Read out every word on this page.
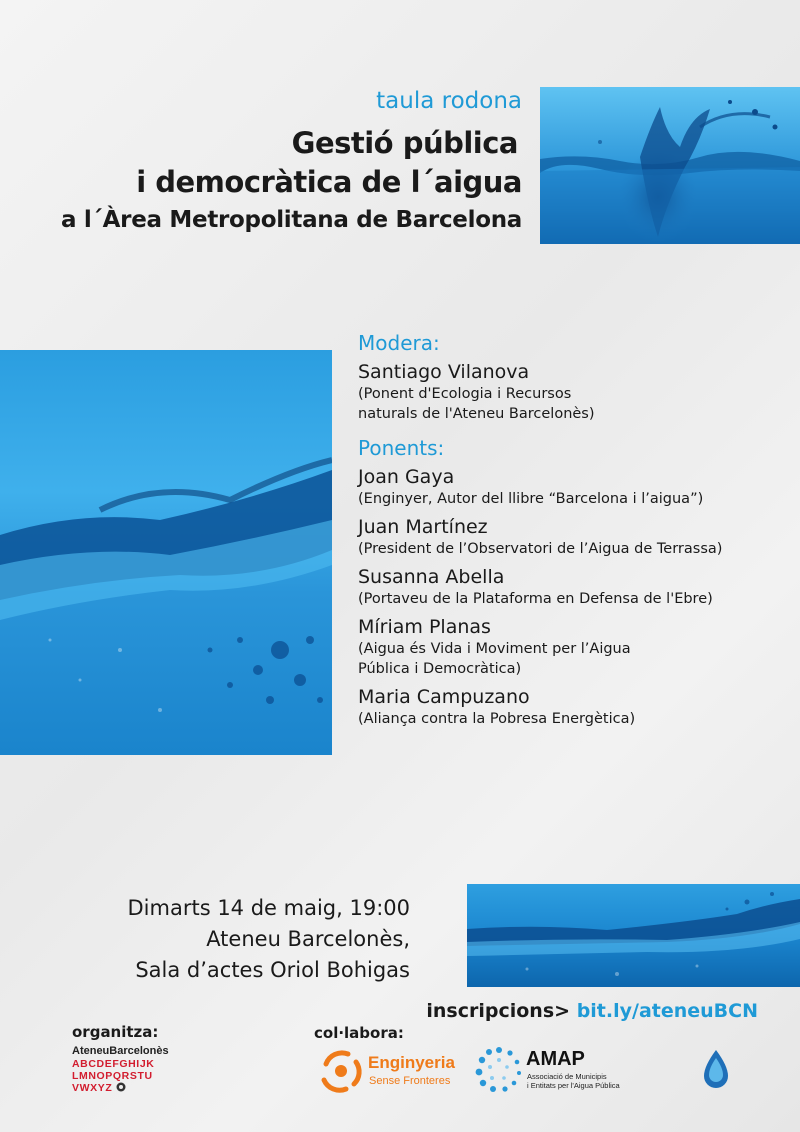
taula rodona
Gestió pública
i democràtica de l´aigua
a l´Àrea Metropolitana de Barcelona
Modera:
Santiago Vilanova
(Ponent d'Ecologia i Recursos
naturals de l'Ateneu Barcelonès)
Ponents:
Joan Gaya
(Enginyer, Autor del llibre “Barcelona i l’aigua”)
Juan Martínez
(President de l’Observatori de l’Aigua de Terrassa)
Susanna Abella
(Portaveu de la Plataforma en Defensa de l'Ebre)
Míriam Planas
(Aigua és Vida i Moviment per l’Aigua
Pública i Democràtica)
Maria Campuzano
(Aliança contra la Pobresa Energètica)
Dimarts 14 de maig, 19:00
Ateneu Barcelonès,
Sala d’actes Oriol Bohigas
inscripcions> bit.ly/ateneuBCN
organitza:
AteneuBarcelonès
ABCDEFGHIJK
LMNOPQRSTU
VWXYZ
col·labora:
Enginyeria
Sense Fronteres
AMAP
Associació de Municipis
i Entitats per l'Aigua Pública
